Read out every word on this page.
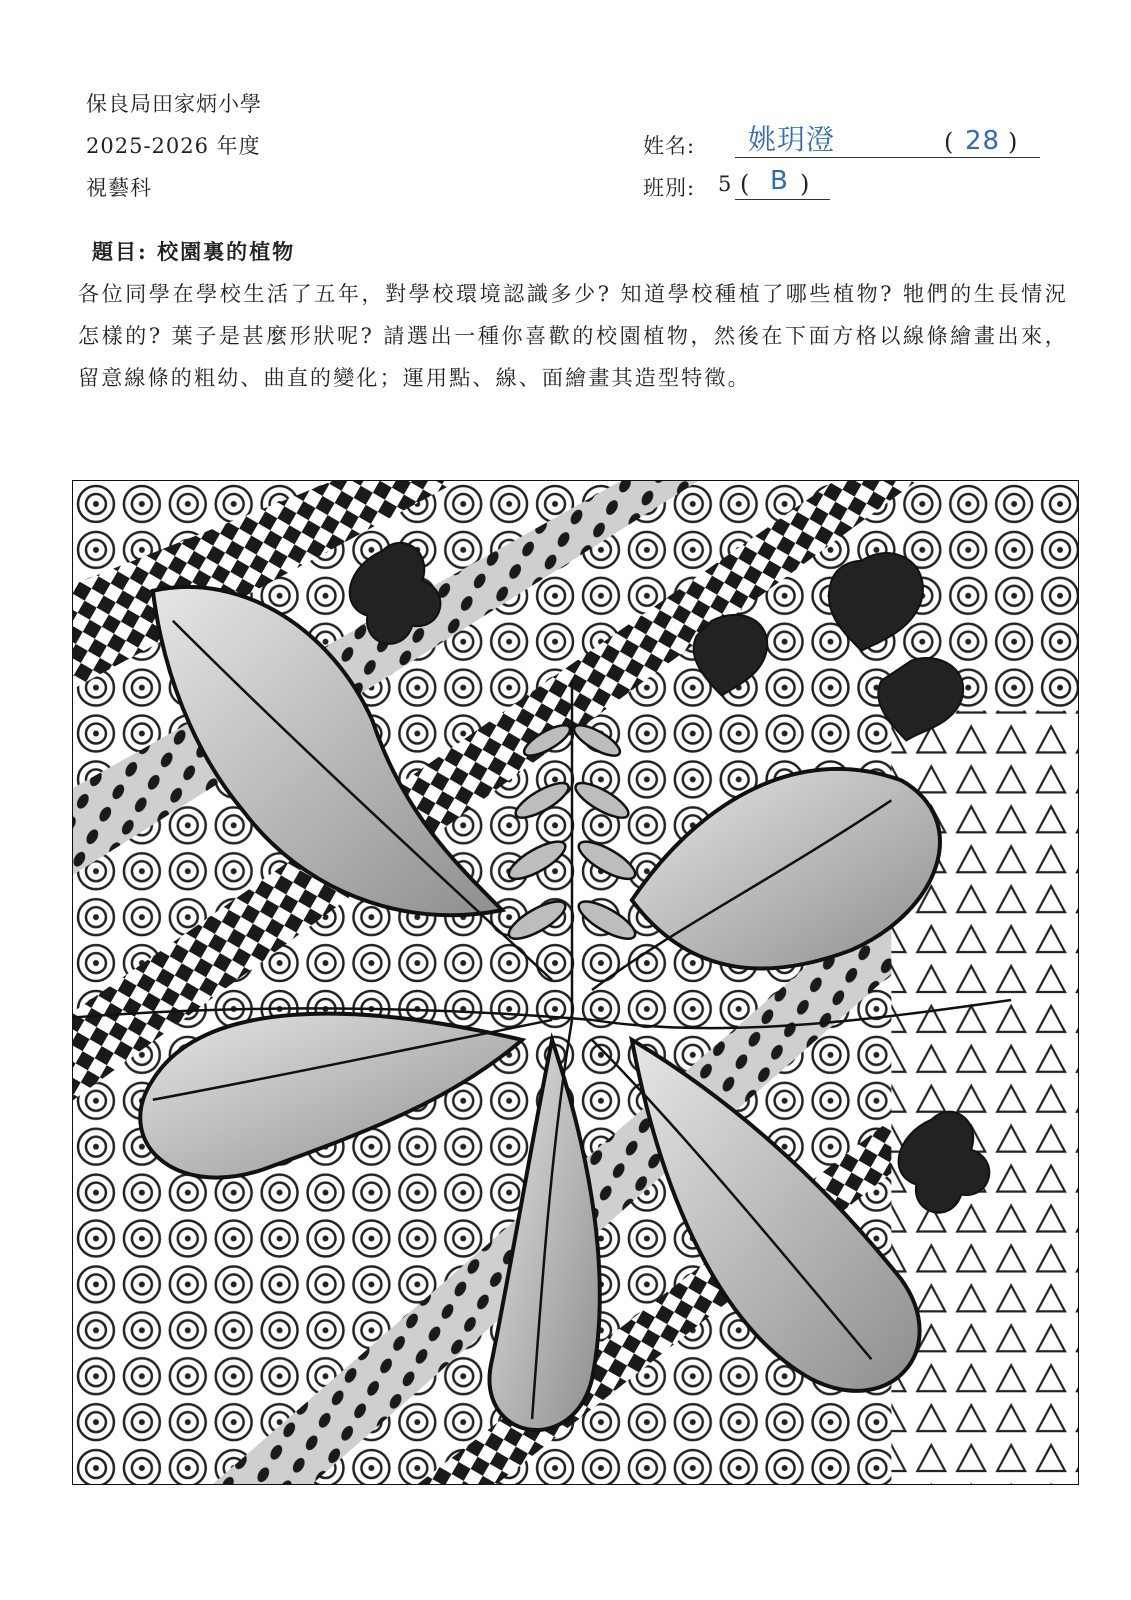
保良局田家炳小學
2025-2026 年度
視藝科
姓名: 姚玥澄	( 28 )
班別: 5 ( B )
題目: 校園裏的植物
各位同學在學校生活了五年，對學校環境認識多少? 知道學校種植了哪些植物? 牠們的生長情況怎樣的? 葉子是甚麼形狀呢? 請選出一種你喜歡的校園植物，然後在下面方格以線條繪畫出來，留意線條的粗幼、曲直的變化；運用點、線、面繪畫其造型特徵。
